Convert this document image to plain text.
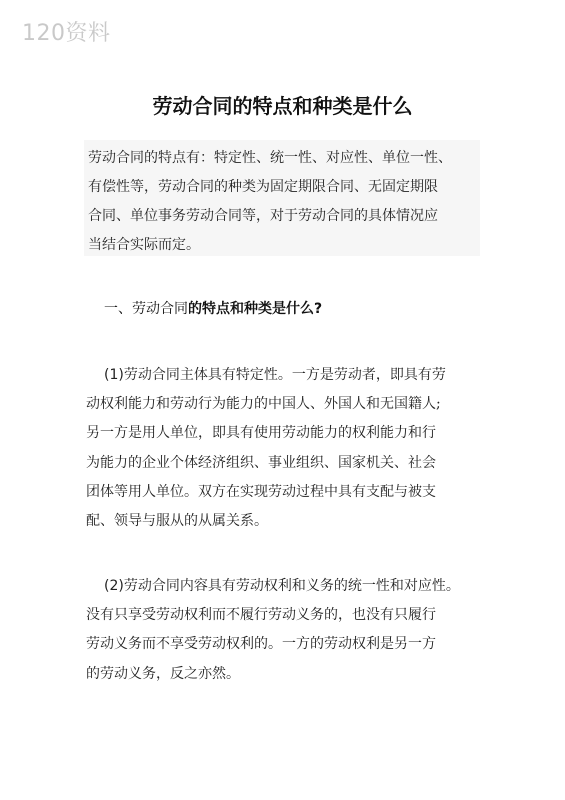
120资料
劳动合同的特点和种类是什么
劳动合同的特点有：特定性、统一性、对应性、单位一性、
有偿性等，劳动合同的种类为固定期限合同、无固定期限
合同、单位事务劳动合同等，对于劳动合同的具体情况应
当结合实际而定。
一、劳动合同的特点和种类是什么?
(1)劳动合同主体具有特定性。一方是劳动者，即具有劳
动权利能力和劳动行为能力的中国人、外国人和无国籍人;
另一方是用人单位，即具有使用劳动能力的权利能力和行
为能力的企业个体经济组织、事业组织、国家机关、社会
团体等用人单位。双方在实现劳动过程中具有支配与被支
配、领导与服从的从属关系。
(2)劳动合同内容具有劳动权利和义务的统一性和对应性。
没有只享受劳动权利而不履行劳动义务的，也没有只履行
劳动义务而不享受劳动权利的。一方的劳动权利是另一方
的劳动义务，反之亦然。
